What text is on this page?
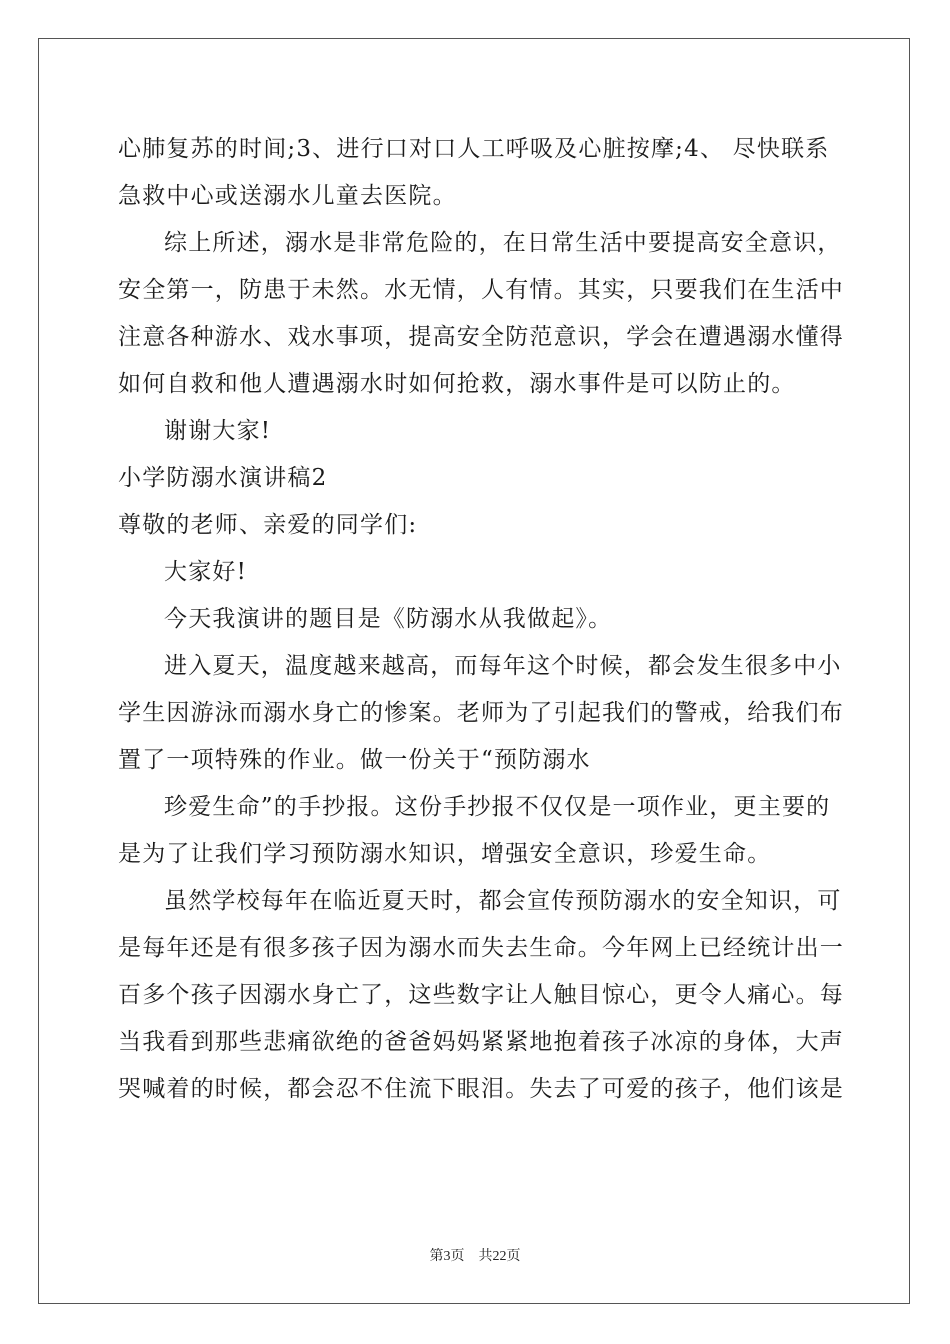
心肺复苏的时间;3、进行口对口人工呼吸及心脏按摩;4、 尽快联系
急救中心或送溺水儿童去医院。
综上所述，溺水是非常危险的，在日常生活中要提高安全意识，
安全第一，防患于未然。水无情，人有情。其实，只要我们在生活中
注意各种游水、戏水事项，提高安全防范意识，学会在遭遇溺水懂得
如何自救和他人遭遇溺水时如何抢救，溺水事件是可以防止的。
谢谢大家!
小学防溺水演讲稿2
尊敬的老师、亲爱的同学们:
大家好!
今天我演讲的题目是《防溺水从我做起》。
进入夏天，温度越来越高，而每年这个时候，都会发生很多中小
学生因游泳而溺水身亡的惨案。老师为了引起我们的警戒，给我们布
置了一项特殊的作业。做一份关于“预防溺水
珍爱生命”的手抄报。这份手抄报不仅仅是一项作业，更主要的
是为了让我们学习预防溺水知识，增强安全意识，珍爱生命。
虽然学校每年在临近夏天时，都会宣传预防溺水的安全知识，可
是每年还是有很多孩子因为溺水而失去生命。今年网上已经统计出一
百多个孩子因溺水身亡了，这些数字让人触目惊心，更令人痛心。每
当我看到那些悲痛欲绝的爸爸妈妈紧紧地抱着孩子冰凉的身体，大声
哭喊着的时候，都会忍不住流下眼泪。失去了可爱的孩子，他们该是
第3页 共22页
